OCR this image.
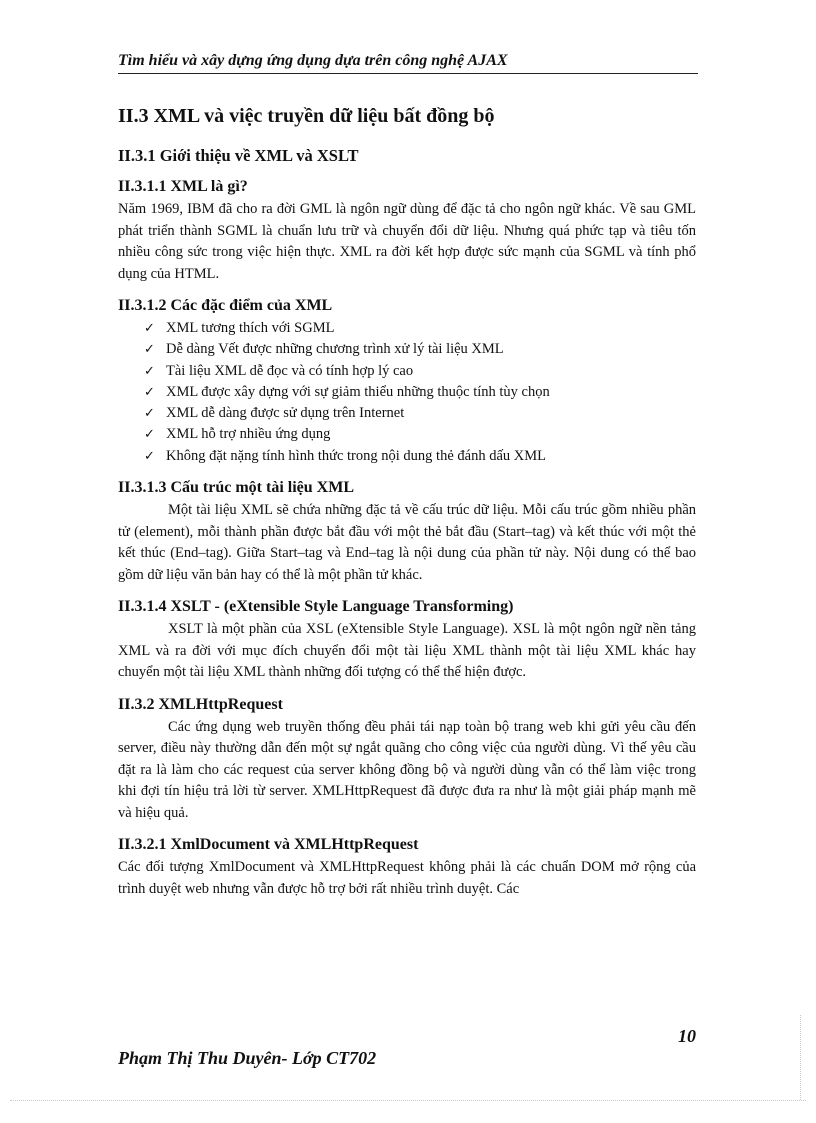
Tìm hiểu và xây dựng ứng dụng dựa trên công nghệ AJAX
II.3 XML và việc truyền dữ liệu bất đồng bộ
II.3.1 Giới thiệu về XML và XSLT
II.3.1.1 XML là gì?

Năm 1969, IBM đã cho ra đời GML là ngôn ngữ dùng để đặc tả cho ngôn ngữ khác. Về sau GML phát triển thành SGML là chuẩn lưu trữ và chuyển đổi dữ liệu. Nhưng quá phức tạp và tiêu tốn nhiều công sức trong việc hiện thực. XML ra đời kết hợp được sức mạnh của SGML và tính phổ dụng của HTML.

II.3.1.2 Các đặc điểm của XML
✓ XML tương thích với SGML
✓ Dễ dàng Vết được những chương trình xử lý tài liệu XML
✓ Tài liệu XML dễ đọc và có tính hợp lý cao
✓ XML được xây dựng với sự giảm thiểu những thuộc tính tùy chọn
✓ XML dễ dàng được sử dụng trên Internet
✓ XML hỗ trợ nhiều ứng dụng
✓ Không đặt nặng tính hình thức trong nội dung thẻ đánh dấu XML
II.3.1.3 Cấu trúc một tài liệu XML

Một tài liệu XML sẽ chứa những đặc tả về cấu trúc dữ liệu. Mỗi cấu trúc gồm nhiều phần tử (element), mỗi thành phần được bắt đầu với một thẻ bắt đầu (Start–tag) và kết thúc với một thẻ kết thúc (End–tag). Giữa Start–tag và End–tag là nội dung của phần tử này. Nội dung có thể bao gồm dữ liệu văn bản hay có thể là một phần tử khác.

II.3.1.4 XSLT - (eXtensible Style Language Transforming)

XSLT là một phần của XSL (eXtensible Style Language). XSL là một ngôn ngữ nền tảng XML và ra đời với mục đích chuyển đổi một tài liệu XML thành một tài liệu XML khác hay chuyển một tài liệu XML thành những đối tượng có thể thể hiện được.

II.3.2 XMLHttpRequest

Các ứng dụng web truyền thống đều phải tái nạp toàn bộ trang web khi gửi yêu cầu đến server, điều này thường dẫn đến một sự ngắt quãng cho công việc của người dùng. Vì thế yêu cầu đặt ra là làm cho các request của server không đồng bộ và người dùng vẫn có thể làm việc trong khi đợi tín hiệu trả lời từ server. XMLHttpRequest đã được đưa ra như là một giải pháp mạnh mẽ và hiệu quả.

II.3.2.1 XmlDocument và XMLHttpRequest

Các đối tượng XmlDocument và XMLHttpRequest không phải là các chuẩn DOM mở rộng của trình duyệt web nhưng vẫn được hỗ trợ bởi rất nhiều trình duyệt. Các

10
Phạm Thị Thu Duyên- Lớp CT702
